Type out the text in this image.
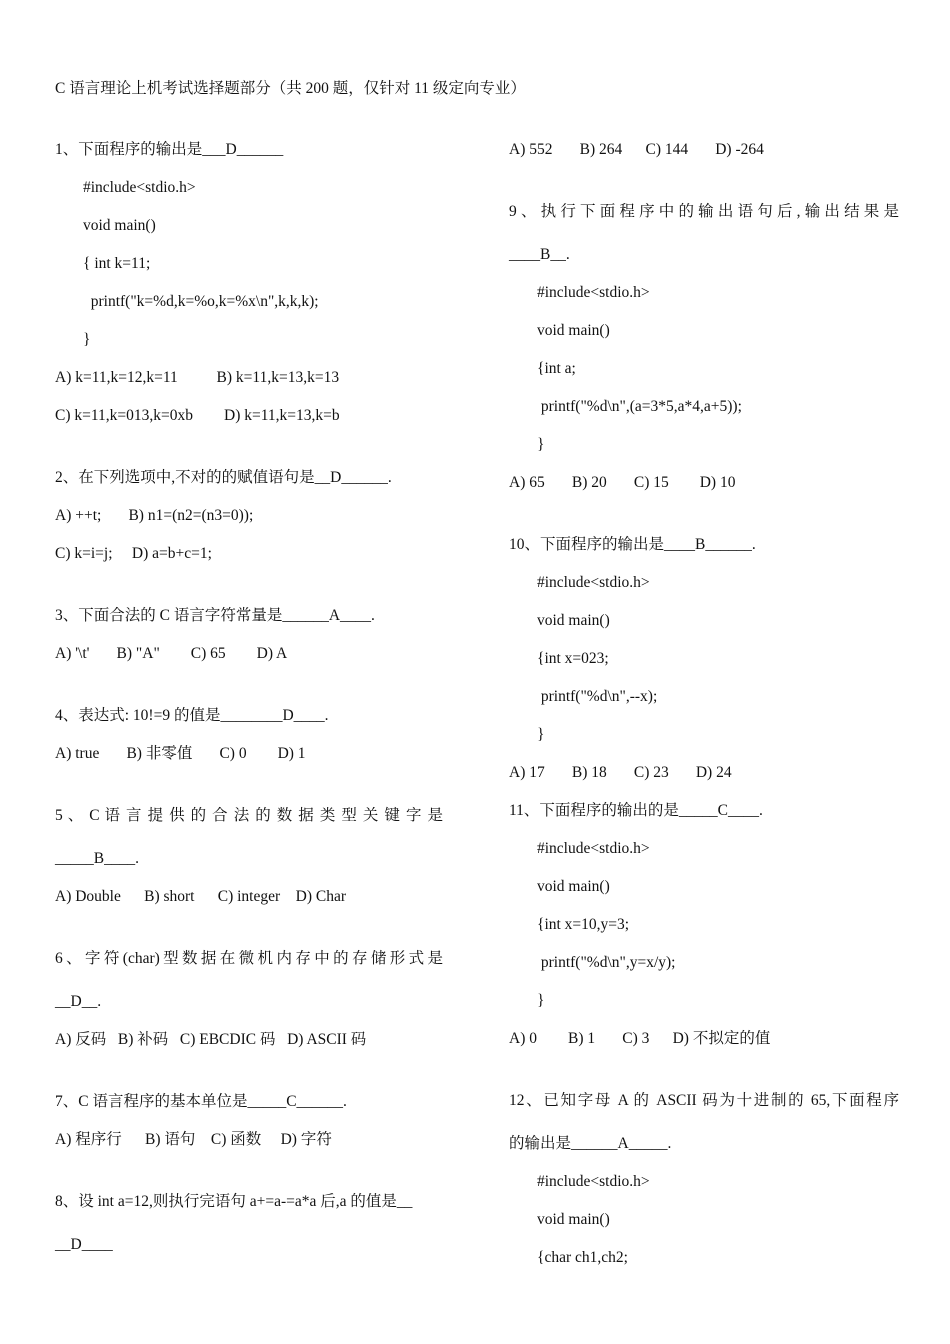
C 语言理论上机考试选择题部分（共 200 题，仅针对 11 级定向专业）
1、下面程序的输出是___D______
#include<stdio.h>
void main()
{ int k=11;
printf("k=%d,k=%o,k=%x\n",k,k,k);
}
A) k=11,k=12,k=11          B) k=11,k=13,k=13
C) k=11,k=013,k=0xb        D) k=11,k=13,k=b
2、在下列选项中,不对的的赋值语句是__D______.
A) ++t;       B) n1=(n2=(n3=0));
C) k=i=j;     D) a=b+c=1;
3、下面合法的 C 语言字符常量是______A____.
A) '\t'       B) "A"        C) 65        D) A
4、表达式: 10!=9 的值是________D____.
A) true       B) 非零值       C) 0        D) 1
5 、 C 语 言 提 供 的 合 法 的 数 据 类 型 关 键 字 是
_____B____.
A) Double      B) short      C) integer    D) Char
6、字符(char)型数据在微机内存中的存储形式是
__D__.
A) 反码   B) 补码   C) EBCDIC 码   D) ASCII 码
7、C 语言程序的基本单位是_____C______.
A) 程序行      B) 语句    C) 函数     D) 字符
8、设 int a=12,则执行完语句 a+=a-=a*a 后,a 的值是__
__D____
A) 552       B) 264      C) 144       D) -264
9、执行下面程序中的输出语句后,输出结果是
____B__.
#include<stdio.h>
void main()
{int a;
printf("%d\n",(a=3*5,a*4,a+5));
}
A) 65       B) 20       C) 15        D) 10
10、下面程序的输出是____B______.
#include<stdio.h>
void main()
{int x=023;
printf("%d\n",--x);
}
A) 17       B) 18       C) 23       D) 24
11、下面程序的输出的是_____C____.
#include<stdio.h>
void main()
{int x=10,y=3;
printf("%d\n",y=x/y);
}
A) 0        B) 1       C) 3      D) 不拟定的值
12、已知字母 A 的 ASCII 码为十进制的 65,下面程序
的输出是______A_____.
#include<stdio.h>
void main()
{char ch1,ch2;
